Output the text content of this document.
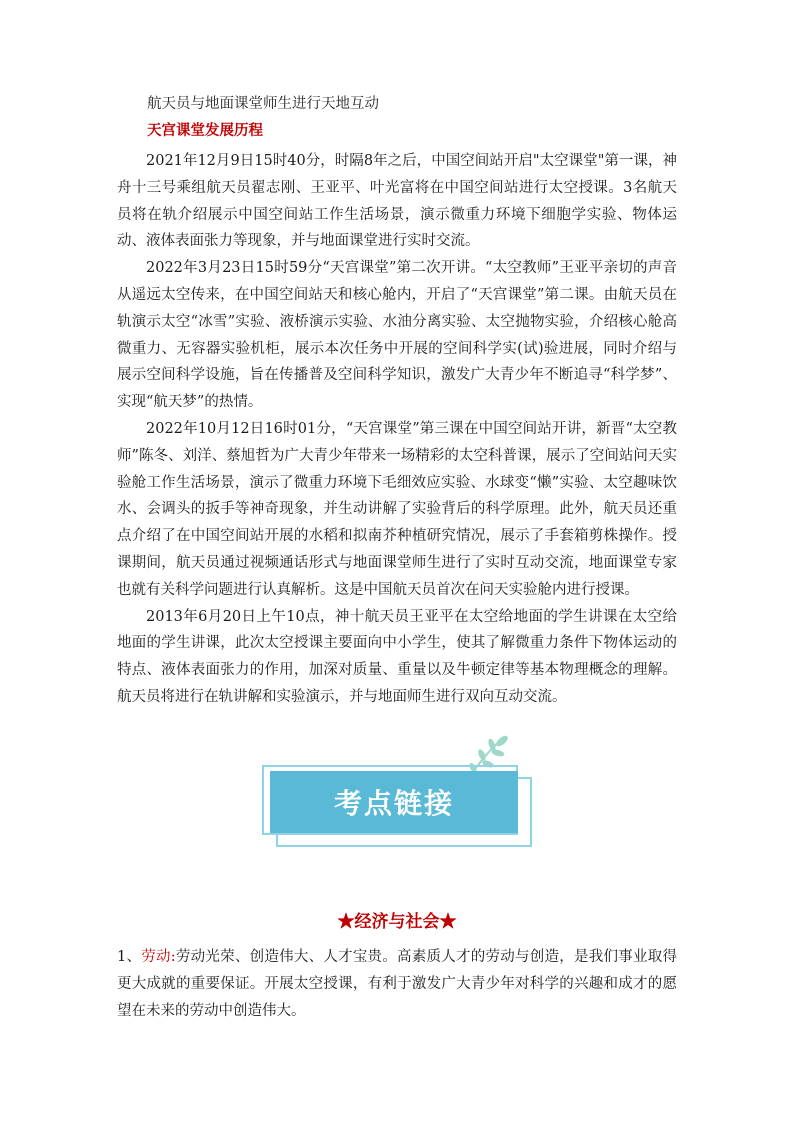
航天员与地面课堂师生进行天地互动
天宫课堂发展历程

2021年12月9日15时40分，时隔8年之后，中国空间站开启"太空课堂"第一课，神舟十三号乘组航天员翟志刚、王亚平、叶光富将在中国空间站进行太空授课。3名航天员将在轨介绍展示中国空间站工作生活场景，演示微重力环境下细胞学实验、物体运动、液体表面张力等现象，并与地面课堂进行实时交流。

2022年3月23日15时59分“天宫课堂”第二次开讲。“太空教师”王亚平亲切的声音从遥远太空传来，在中国空间站天和核心舱内，开启了“天宫课堂”第二课。由航天员在轨演示太空“冰雪”实验、液桥演示实验、水油分离实验、太空抛物实验，介绍核心舱高微重力、无容器实验机柜，展示本次任务中开展的空间科学实(试)验进展，同时介绍与展示空间科学设施，旨在传播普及空间科学知识，激发广大青少年不断追寻“科学梦”、实现“航天梦”的热情。

2022年10月12日16时01分，“天宫课堂”第三课在中国空间站开讲，新晋“太空教师”陈冬、刘洋、蔡旭哲为广大青少年带来一场精彩的太空科普课，展示了空间站问天实验舱工作生活场景，演示了微重力环境下毛细效应实验、水球变“懒”实验、太空趣味饮水、会调头的扳手等神奇现象，并生动讲解了实验背后的科学原理。此外，航天员还重点介绍了在中国空间站开展的水稻和拟南芥种植研究情况，展示了手套箱剪株操作。授课期间，航天员通过视频通话形式与地面课堂师生进行了实时互动交流，地面课堂专家也就有关科学问题进行认真解析。这是中国航天员首次在问天实验舱内进行授课。

2013年6月20日上午10点，神十航天员王亚平在太空给地面的学生讲课在太空给地面的学生讲课，此次太空授课主要面向中小学生，使其了解微重力条件下物体运动的特点、液体表面张力的作用，加深对质量、重量以及牛顿定律等基本物理概念的理解。航天员将进行在轨讲解和实验演示，并与地面师生进行双向互动交流。

考点链接
★经济与社会★
1、劳动:劳动光荣、创造伟大、人才宝贵。高素质人才的劳动与创造，是我们事业取得更大成就的重要保证。开展太空授课，有利于激发广大青少年对科学的兴趣和成才的愿望在未来的劳动中创造伟大。
